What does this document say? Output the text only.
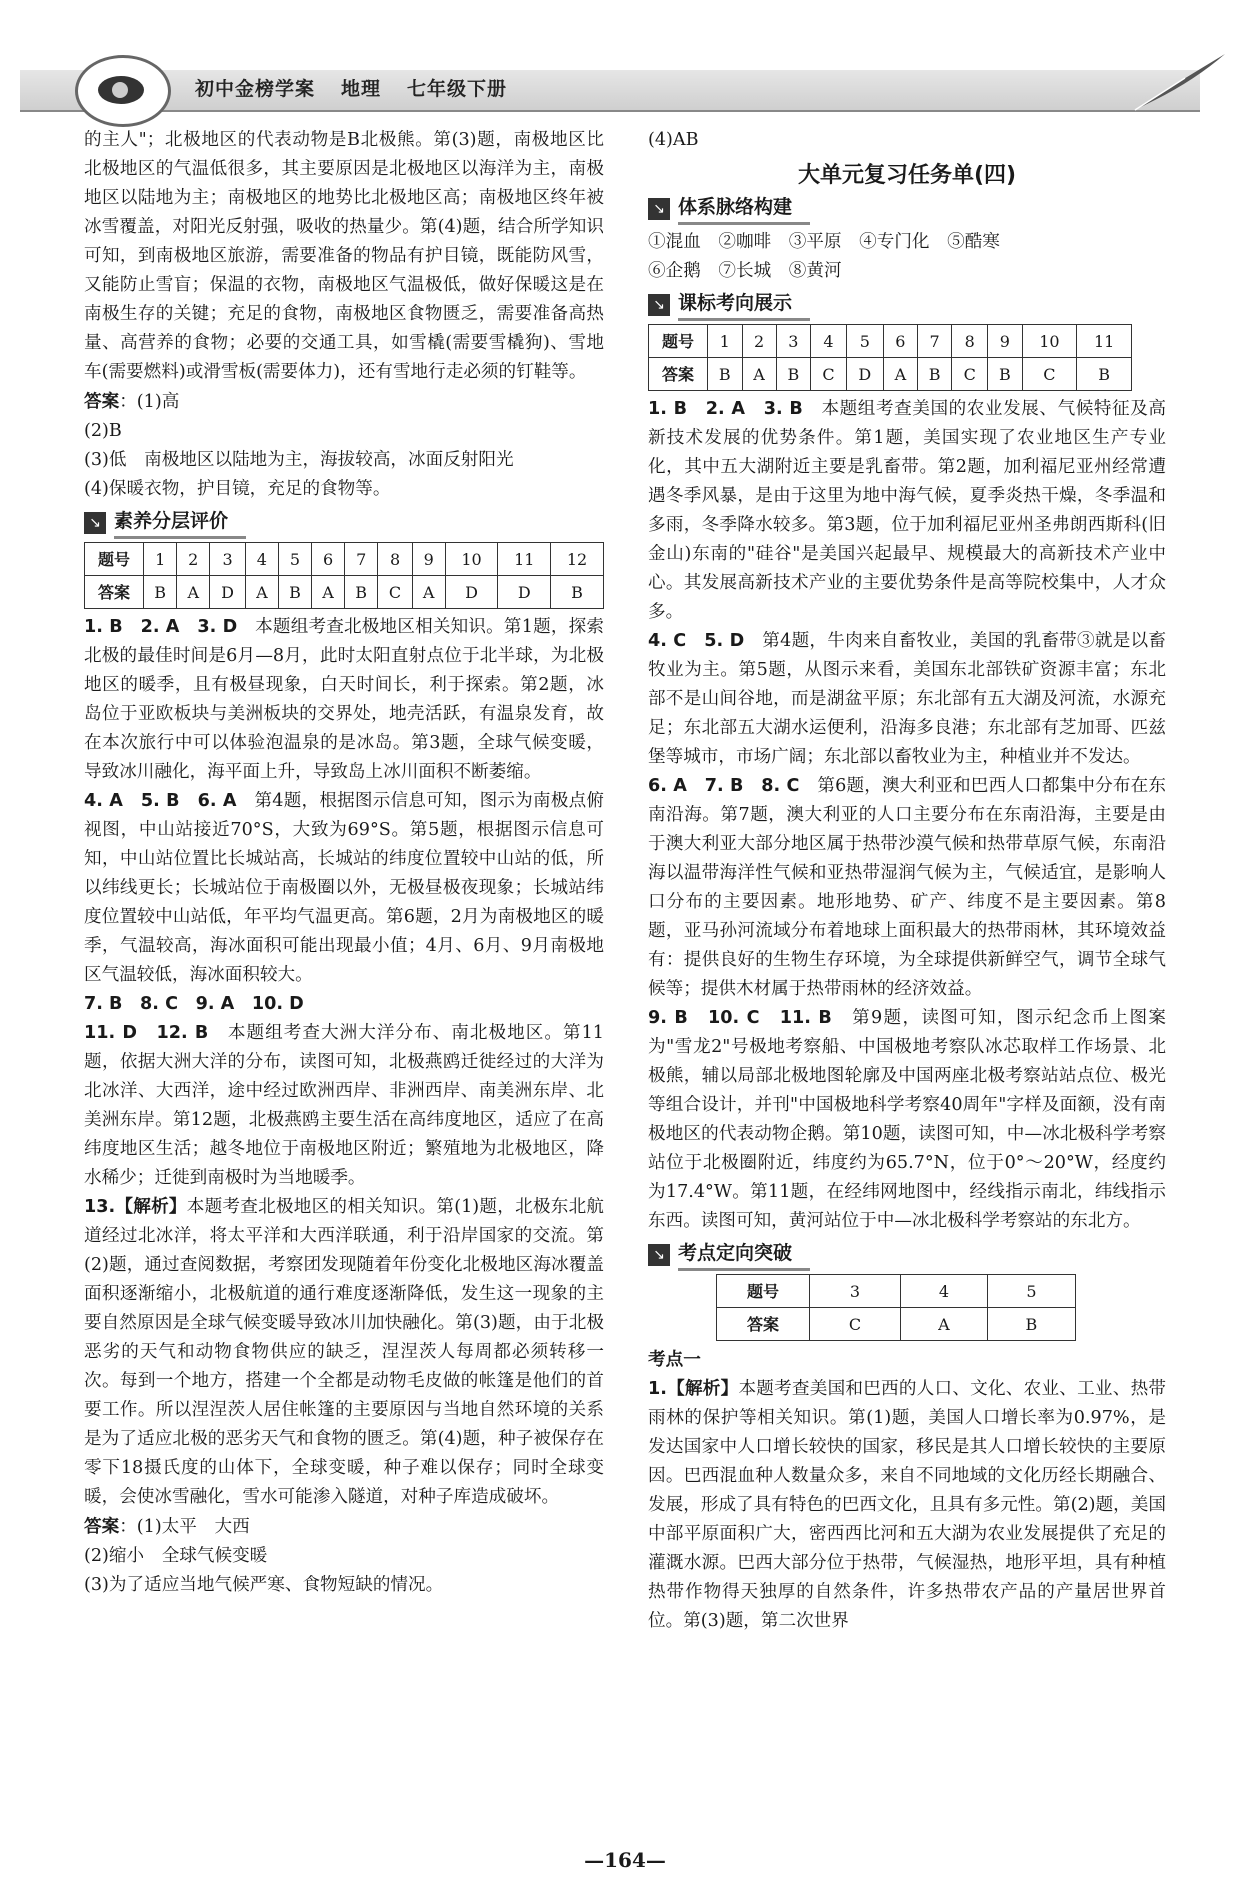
初中金榜学案 地理 七年级下册

的主人"；北极地区的代表动物是B北极熊。第(3)题，南极地区比北极地区的气温低很多，其主要原因是北极地区以海洋为主，南极地区以陆地为主；南极地区的地势比北极地区高；南极地区终年被冰雪覆盖，对阳光反射强，吸收的热量少。第(4)题，结合所学知识可知，到南极地区旅游，需要准备的物品有护目镜，既能防风雪，又能防止雪盲；保温的衣物，南极地区气温极低，做好保暖这是在南极生存的关键；充足的食物，南极地区食物匮乏，需要准备高热量、高营养的食物；必要的交通工具，如雪橇(需要雪橇狗)、雪地车(需要燃料)或滑雪板(需要体力)，还有雪地行走必须的钉鞋等。

答案：(1)高

(2)B

(3)低　南极地区以陆地为主，海拔较高，冰面反射阳光

(4)保暖衣物，护目镜，充足的食物等。

↘ 素养分层评价
题号	1	2	3	4	5	6	7	8	9	10	11	12
答案	B	A	D	A	B	A	B	C	A	D	D	B

1. B　2. A　3. D　 本题组考查北极地区相关知识。第1题，探索北极的最佳时间是6月—8月，此时太阳直射点位于北半球，为北极地区的暖季，且有极昼现象，白天时间长，利于探索。第2题，冰岛位于亚欧板块与美洲板块的交界处，地壳活跃，有温泉发育，故在本次旅行中可以体验泡温泉的是冰岛。第3题，全球气候变暖，导致冰川融化，海平面上升，导致岛上冰川面积不断萎缩。

4. A　5. B　6. A　 第4题，根据图示信息可知，图示为南极点俯视图，中山站接近70°S，大致为69°S。第5题，根据图示信息可知，中山站位置比长城站高，长城站的纬度位置较中山站的低，所以纬线更长；长城站位于南极圈以外，无极昼极夜现象；长城站纬度位置较中山站低，年平均气温更高。第6题，2月为南极地区的暖季，气温较高，海冰面积可能出现最小值；4月、6月、9月南极地区气温较低，海冰面积较大。

7. B　8. C　9. A　10. D

11. D　12. B　 本题组考查大洲大洋分布、南北极地区。第11题，依据大洲大洋的分布，读图可知，北极燕鸥迁徙经过的大洋为北冰洋、大西洋，途中经过欧洲西岸、非洲西岸、南美洲东岸、北美洲东岸。第12题，北极燕鸥主要生活在高纬度地区，适应了在高纬度地区生活；越冬地位于南极地区附近；繁殖地为北极地区，降水稀少；迁徙到南极时为当地暖季。

13.【解析】本题考查北极地区的相关知识。第(1)题，北极东北航道经过北冰洋，将太平洋和大西洋联通，利于沿岸国家的交流。第(2)题，通过查阅数据，考察团发现随着年份变化北极地区海冰覆盖面积逐渐缩小，北极航道的通行难度逐渐降低，发生这一现象的主要自然原因是全球气候变暖导致冰川加快融化。第(3)题，由于北极恶劣的天气和动物食物供应的缺乏，涅涅茨人每周都必须转移一次。每到一个地方，搭建一个全都是动物毛皮做的帐篷是他们的首要工作。所以涅涅茨人居住帐篷的主要原因与当地自然环境的关系是为了适应北极的恶劣天气和食物的匮乏。第(4)题，种子被保存在零下18摄氏度的山体下，全球变暖，种子难以保存；同时全球变暖，会使冰雪融化，雪水可能渗入隧道，对种子库造成破坏。

答案：(1)太平　大西

(2)缩小　全球气候变暖

(3)为了适应当地气候严寒、食物短缺的情况。

(4)AB

大单元复习任务单(四)
↘ 体系脉络构建

①混血　②咖啡　③平原　④专门化　⑤酷寒

⑥企鹅　⑦长城　⑧黄河

↘ 课标考向展示
题号	1	2	3	4	5	6	7	8	9	10	11
答案	B	A	B	C	D	A	B	C	B	C	B

1. B　2. A　3. B　 本题组考查美国的农业发展、气候特征及高新技术发展的优势条件。第1题，美国实现了农业地区生产专业化，其中五大湖附近主要是乳畜带。第2题，加利福尼亚州经常遭遇冬季风暴，是由于这里为地中海气候，夏季炎热干燥，冬季温和多雨，冬季降水较多。第3题，位于加利福尼亚州圣弗朗西斯科(旧金山)东南的"硅谷"是美国兴起最早、规模最大的高新技术产业中心。其发展高新技术产业的主要优势条件是高等院校集中，人才众多。

4. C　5. D　 第4题，牛肉来自畜牧业，美国的乳畜带③就是以畜牧业为主。第5题，从图示来看，美国东北部铁矿资源丰富；东北部不是山间谷地，而是湖盆平原；东北部有五大湖及河流，水源充足；东北部五大湖水运便利，沿海多良港；东北部有芝加哥、匹兹堡等城市，市场广阔；东北部以畜牧业为主，种植业并不发达。

6. A　7. B　8. C　 第6题，澳大利亚和巴西人口都集中分布在东南沿海。第7题，澳大利亚的人口主要分布在东南沿海，主要是由于澳大利亚大部分地区属于热带沙漠气候和热带草原气候，东南沿海以温带海洋性气候和亚热带湿润气候为主，气候适宜，是影响人口分布的主要因素。地形地势、矿产、纬度不是主要因素。第8题，亚马孙河流域分布着地球上面积最大的热带雨林，其环境效益有：提供良好的生物生存环境，为全球提供新鲜空气，调节全球气候等；提供木材属于热带雨林的经济效益。

9. B　10. C　11. B　 第9题，读图可知，图示纪念币上图案为"雪龙2"号极地考察船、中国极地考察队冰芯取样工作场景、北极熊，辅以局部北极地图轮廓及中国两座北极考察站站点位、极光等组合设计，并刊"中国极地科学考察40周年"字样及面额，没有南极地区的代表动物企鹅。第10题，读图可知，中—冰北极科学考察站位于北极圈附近，纬度约为65.7°N，位于0°～20°W，经度约为17.4°W。第11题，在经纬网地图中，经线指示南北，纬线指示东西。读图可知，黄河站位于中—冰北极科学考察站的东北方。

↘ 考点定向突破
题号	3	4	5
答案	C	A	B

考点一

1.【解析】本题考查美国和巴西的人口、文化、农业、工业、热带雨林的保护等相关知识。第(1)题，美国人口增长率为0.97%，是发达国家中人口增长较快的国家，移民是其人口增长较快的主要原因。巴西混血种人数量众多，来自不同地域的文化历经长期融合、发展，形成了具有特色的巴西文化，且具有多元性。第(2)题，美国中部平原面积广大，密西西比河和五大湖为农业发展提供了充足的灌溉水源。巴西大部分位于热带，气候湿热，地形平坦，具有种植热带作物得天独厚的自然条件，许多热带农产品的产量居世界首位。第(3)题，第二次世界

—164—
